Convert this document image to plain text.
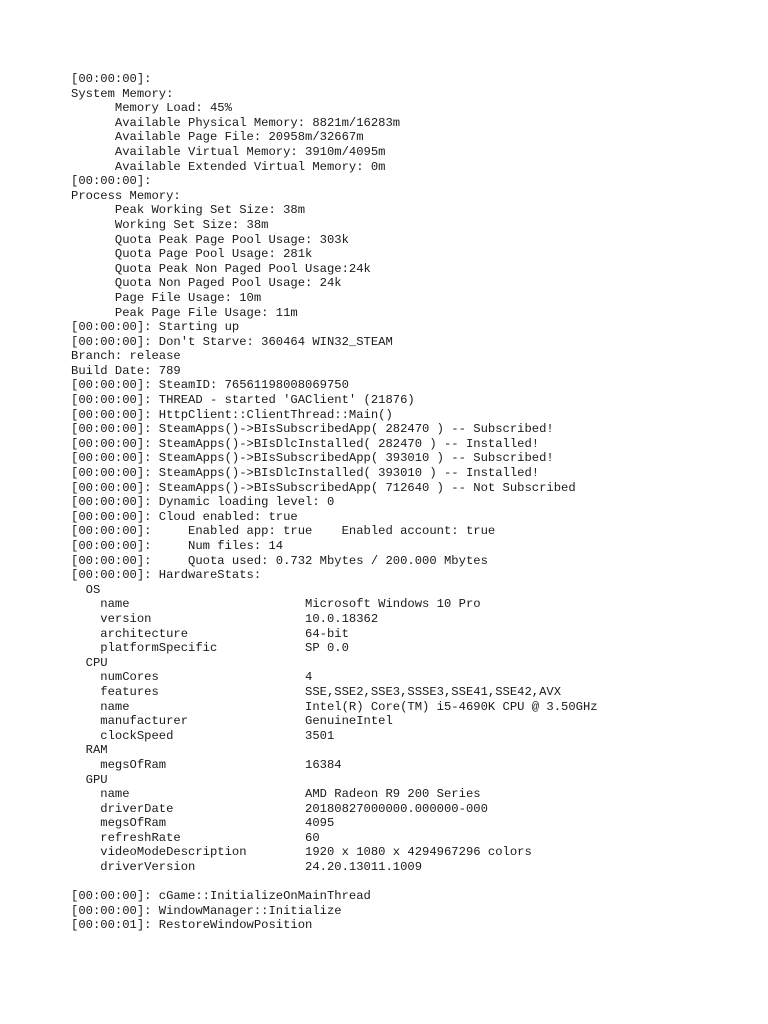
[00:00:00]:
System Memory:
Memory Load: 45%
Available Physical Memory: 8821m/16283m
Available Page File: 20958m/32667m
Available Virtual Memory: 3910m/4095m
Available Extended Virtual Memory: 0m
[00:00:00]:
Process Memory:
Peak Working Set Size: 38m
Working Set Size: 38m
Quota Peak Page Pool Usage: 303k
Quota Page Pool Usage: 281k
Quota Peak Non Paged Pool Usage:24k
Quota Non Paged Pool Usage: 24k
Page File Usage: 10m
Peak Page File Usage: 11m
[00:00:00]: Starting up
[00:00:00]: Don't Starve: 360464 WIN32_STEAM
Branch: release
Build Date: 789
[00:00:00]: SteamID: 76561198008069750
[00:00:00]: THREAD - started 'GAClient' (21876)
[00:00:00]: HttpClient::ClientThread::Main()
[00:00:00]: SteamApps()->BIsSubscribedApp( 282470 ) -- Subscribed!
[00:00:00]: SteamApps()->BIsDlcInstalled( 282470 ) -- Installed!
[00:00:00]: SteamApps()->BIsSubscribedApp( 393010 ) -- Subscribed!
[00:00:00]: SteamApps()->BIsDlcInstalled( 393010 ) -- Installed!
[00:00:00]: SteamApps()->BIsSubscribedApp( 712640 ) -- Not Subscribed
[00:00:00]: Dynamic loading level: 0
[00:00:00]: Cloud enabled: true
[00:00:00]:     Enabled app: true    Enabled account: true
[00:00:00]:     Num files: 14
[00:00:00]:     Quota used: 0.732 Mbytes / 200.000 Mbytes
[00:00:00]: HardwareStats:
OS
name                        Microsoft Windows 10 Pro
version                     10.0.18362
architecture                64-bit
platformSpecific            SP 0.0
CPU
numCores                    4
features                    SSE,SSE2,SSE3,SSSE3,SSE41,SSE42,AVX
name                        Intel(R) Core(TM) i5-4690K CPU @ 3.50GHz
manufacturer                GenuineIntel
clockSpeed                  3501
RAM
megsOfRam                   16384
GPU
name                        AMD Radeon R9 200 Series
driverDate                  20180827000000.000000-000
megsOfRam                   4095
refreshRate                 60
videoModeDescription        1920 x 1080 x 4294967296 colors
driverVersion               24.20.13011.1009
[00:00:00]: cGame::InitializeOnMainThread
[00:00:00]: WindowManager::Initialize
[00:00:01]: RestoreWindowPosition
